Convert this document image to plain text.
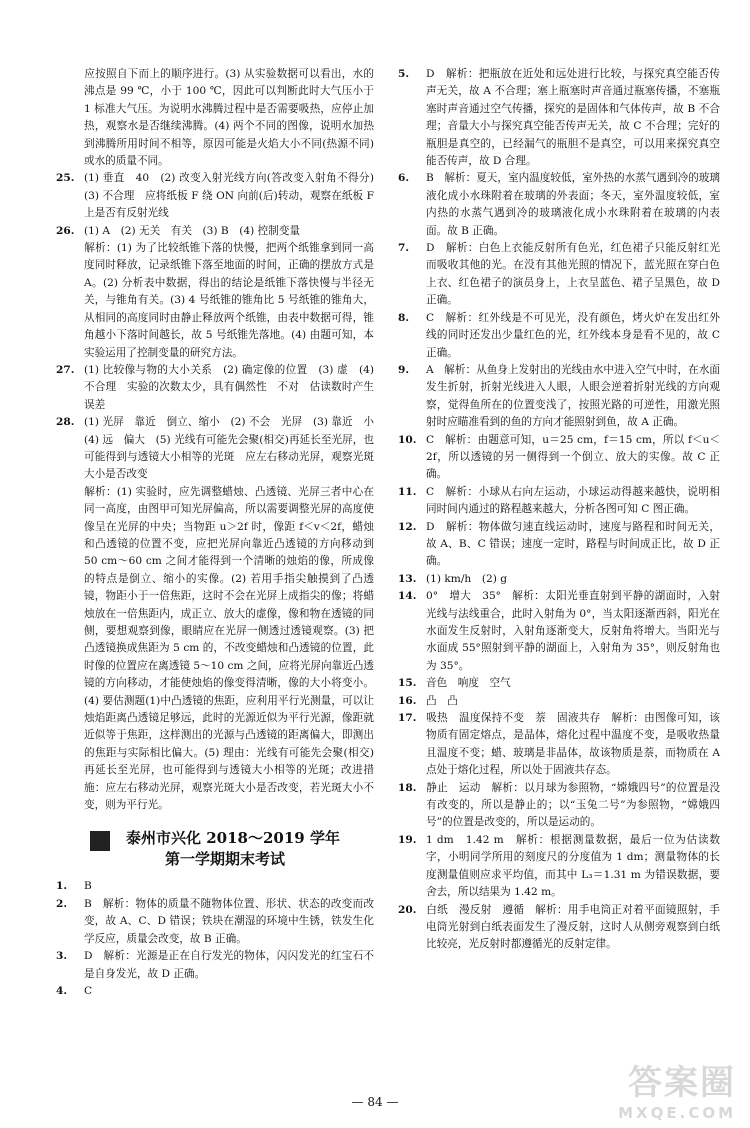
应按照自下而上的顺序进行。(3) 从实验数据可以看出，水的沸点是 99 ℃，小于 100 ℃，因此可以判断此时大气压小于 1 标准大气压。为说明水沸腾过程中是否需要吸热，应停止加热，观察水是否继续沸腾。(4) 两个不同的图像，说明水加热到沸腾所用时间不相等，原因可能是火焰大小不同(热源不同)或水的质量不同。

25. (1) 垂直　40　(2) 改变入射光线方向(答改变入射角不得分)　(3) 不合理　应将纸板 F 绕 ON 向前(后)转动，观察在纸板 F 上是否有反射光线

26. (1) A　(2) 无关　有关　(3) B　(4) 控制变量

解析：(1) 为了比较纸锥下落的快慢，把两个纸锥拿到同一高度同时释放，记录纸锥下落至地面的时间，正确的摆放方式是 A。(2) 分析表中数据，得出的结论是纸锥下落快慢与半径无关，与锥角有关。(3) 4 号纸锥的锥角比 5 号纸锥的锥角大，从相同的高度同时由静止释放两个纸锥，由表中数据可得，锥角越小下落时间越长，故 5 号纸锥先落地。(4) 由题可知，本实验运用了控制变量的研究方法。

27. (1) 比较像与物的大小关系　(2) 确定像的位置　(3) 虚　(4) 不合理　实验的次数太少，具有偶然性　不对　估读数时产生误差

28. (1) 光屏　靠近　倒立、缩小　(2) 不会　光屏　(3) 靠近　小　(4) 远　偏大　(5) 光线有可能先会聚(相交)再延长至光屏，也可能得到与透镜大小相等的光斑　应左右移动光屏，观察光斑大小是否改变

解析：(1) 实验时，应先调整蜡烛、凸透镜、光屏三者中心在同一高度，由图甲可知光屏偏高，所以需要调整光屏的高度使像呈在光屏的中央；当物距 u＞2f 时，像距 f＜v＜2f，蜡烛和凸透镜的位置不变，应把光屏向靠近凸透镜的方向移动到 50 cm～60 cm 之间才能得到一个清晰的烛焰的像，所成像的特点是倒立、缩小的实像。(2) 若用手指尖触摸到了凸透镜，物距小于一倍焦距，这时不会在光屏上成指尖的像；将蜡烛放在一倍焦距内，成正立、放大的虚像，像和物在透镜的同侧，要想观察到像，眼睛应在光屏一侧透过透镜观察。(3) 把凸透镜换成焦距为 5 cm 的，不改变蜡烛和凸透镜的位置，此时像的位置应在离透镜 5～10 cm 之间，应将光屏向靠近凸透镜的方向移动，才能使烛焰的像变得清晰，像的大小将变小。(4) 要估测题(1)中凸透镜的焦距，应利用平行光测量，可以让烛焰距离凸透镜足够远，此时的光源近似为平行光源，像距就近似等于焦距，这样测出的光源与凸透镜的距离偏大，即测出的焦距与实际相比偏大。(5) 理由：光线有可能先会聚(相交)再延长至光屏，也可能得到与透镜大小相等的光斑；改进措施：应左右移动光屏，观察光斑大小是否改变，若光斑大小不变，则为平行光。

泰州市兴化 2018～2019 学年
第一学期期末考试

1. B

2. B　解析：物体的质量不随物体位置、形状、状态的改变而改变，故 A、C、D 错误；铁块在潮湿的环境中生锈，铁发生化学反应，质量会改变，故 B 正确。

3. D　解析：光源是正在自行发光的物体，闪闪发光的红宝石不是自身发光，故 D 正确。

4. C

5. D　解析：把瓶放在近处和远处进行比较，与探究真空能否传声无关，故 A 不合理；塞上瓶塞时声音通过瓶塞传播，不塞瓶塞时声音通过空气传播，探究的是固体和气体传声，故 B 不合理；音量大小与探究真空能否传声无关，故 C 不合理；完好的瓶胆是真空的，已经漏气的瓶胆不是真空，可以用来探究真空能否传声，故 D 合理。

6. B　解析：夏天，室内温度较低，室外热的水蒸气遇到冷的玻璃液化成小水珠附着在玻璃的外表面；冬天，室外温度较低，室内热的水蒸气遇到冷的玻璃液化成小水珠附着在玻璃的内表面。故 B 正确。

7. D　解析：白色上衣能反射所有色光，红色裙子只能反射红光而吸收其他的光。在没有其他光照的情况下，蓝光照在穿白色上衣、红色裙子的演员身上，上衣呈蓝色、裙子呈黑色，故 D 正确。

8. C　解析：红外线是不可见光，没有颜色，烤火炉在发出红外线的同时还发出少量红色的光，红外线本身是看不见的，故 C 正确。

9. A　解析：从鱼身上发射出的光线由水中进入空气中时，在水面发生折射，折射光线进入人眼，人眼会逆着折射光线的方向观察，觉得鱼所在的位置变浅了，按照光路的可逆性，用激光照射时应瞄准看到的鱼的方向才能照射到鱼，故 A 正确。

10. C　解析：由题意可知，u＝25 cm，f＝15 cm，所以 f＜u＜2f，所以透镜的另一侧得到一个倒立、放大的实像。故 C 正确。

11. C　解析：小球从右向左运动，小球运动得越来越快，说明相同时间内通过的路程越来越大，分析各图可知 C 图正确。

12. D　解析：物体做匀速直线运动时，速度与路程和时间无关，故 A、B、C 错误；速度一定时，路程与时间成正比，故 D 正确。

13. (1) km/h　(2) g

14. 0°　增大　35°　解析：太阳光垂直射到平静的湖面时，入射光线与法线重合，此时入射角为 0°，当太阳逐渐西斜，阳光在水面发生反射时，入射角逐渐变大，反射角将增大。当阳光与水面成 55°照射到平静的湖面上，入射角为 35°，则反射角也为 35°。

15. 音色　响度　空气

16. 凸　凸

17. 吸热　温度保持不变　萘　固液共存　解析：由图像可知，该物质有固定熔点，是晶体，熔化过程中温度不变，是吸收热量且温度不变；蜡、玻璃是非晶体，故该物质是萘，而物质在 A 点处于熔化过程，所以处于固液共存态。

18. 静止　运动　解析：以月球为参照物，“嫦娥四号”的位置是没有改变的，所以是静止的；以“玉兔二号”为参照物，“嫦娥四号”的位置是改变的，所以是运动的。

19. 1 dm　1.42 m　解析：根据测量数据，最后一位为估读数字，小明同学所用的刻度尺的分度值为 1 dm；测量物体的长度测量值则应求平均值，而其中 L₃＝1.31 m 为错误数据，要舍去，所以结果为 1.42 m。

20. 白纸　漫反射　遵循　解析：用手电筒正对着平面镜照射，手电筒光射到白纸表面发生了漫反射，这时人从侧旁观察到白纸比较亮，光反射时都遵循光的反射定律。

— 84 —	答案圈
MXQE.COM
